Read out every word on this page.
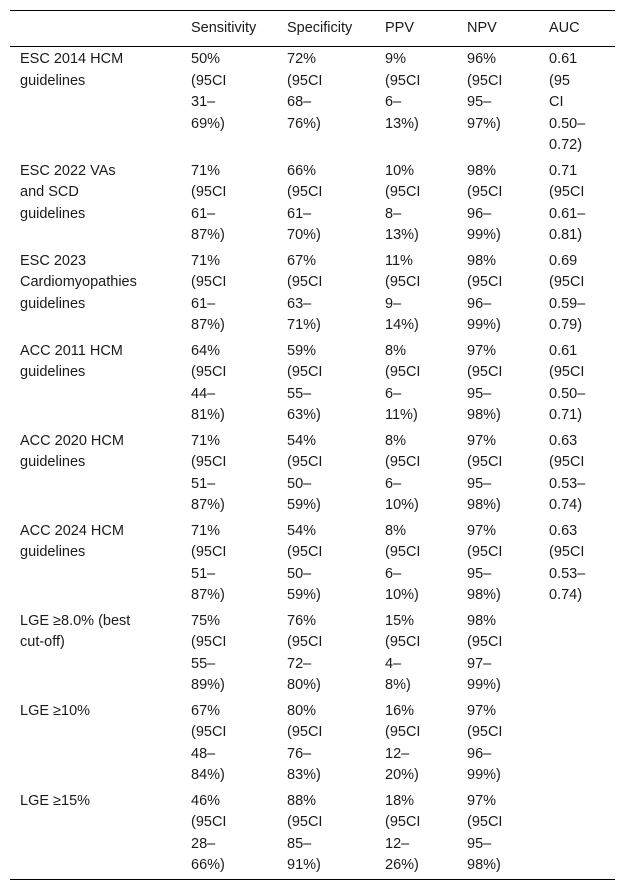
	Sensitivity	Specificity	PPV	NPV	AUC

ESC 2014 HCM
guidelines	50%
(95CI
31–
69%)	72%
(95CI
68–
76%)	9%
(95CI
6–
13%)	96%
(95CI
95–
97%)	0.61
(95
CI
0.50–
0.72)

ESC 2022 VAs
and SCD
guidelines	71%
(95CI
61–
87%)	66%
(95CI
61–
70%)	10%
(95CI
8–
13%)	98%
(95CI
96–
99%)	0.71
(95CI
0.61–
0.81)

ESC 2023
Cardiomyopathies
guidelines	71%
(95CI
61–
87%)	67%
(95CI
63–
71%)	11%
(95CI
9–
14%)	98%
(95CI
96–
99%)	0.69
(95CI
0.59–
0.79)

ACC 2011 HCM
guidelines	64%
(95CI
44–
81%)	59%
(95CI
55–
63%)	8%
(95CI
6–
11%)	97%
(95CI
95–
98%)	0.61
(95CI
0.50–
0.71)

ACC 2020 HCM
guidelines	71%
(95CI
51–
87%)	54%
(95CI
50–
59%)	8%
(95CI
6–
10%)	97%
(95CI
95–
98%)	0.63
(95CI
0.53–
0.74)

ACC 2024 HCM
guidelines	71%
(95CI
51–
87%)	54%
(95CI
50–
59%)	8%
(95CI
6–
10%)	97%
(95CI
95–
98%)	0.63
(95CI
0.53–
0.74)

LGE ≥8.0% (best
cut-off)	75%
(95CI
55–
89%)	76%
(95CI
72–
80%)	15%
(95CI
4–
8%)	98%
(95CI
97–
99%)	

LGE ≥10%	67%
(95CI
48–
84%)	80%
(95CI
76–
83%)	16%
(95CI
12–
20%)	97%
(95CI
96–
99%)	

LGE ≥15%	46%
(95CI
28–
66%)	88%
(95CI
85–
91%)	18%
(95CI
12–
26%)	97%
(95CI
95–
98%)	
